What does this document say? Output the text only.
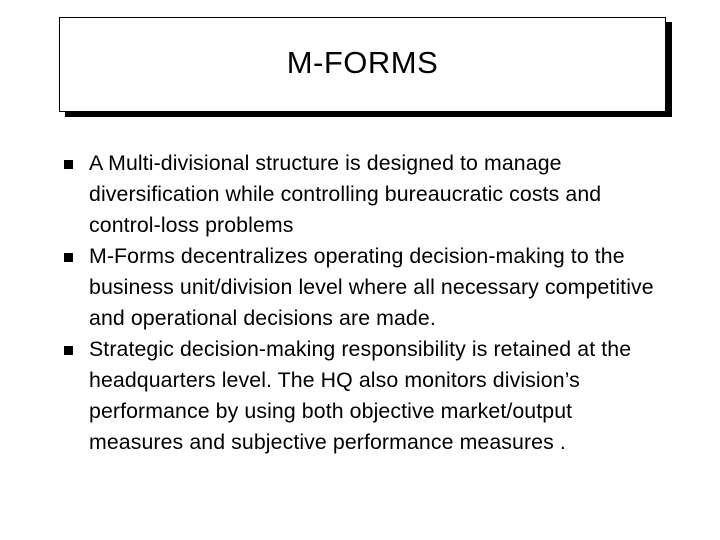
M-FORMS
A Multi-divisional structure is designed to manage diversification while controlling bureaucratic costs and control-loss problems
M-Forms decentralizes operating decision-making to the business unit/division level where all necessary competitive and operational decisions are made.
Strategic decision-making responsibility is retained at the headquarters level. The HQ also monitors division’s performance by using both objective market/output measures and subjective performance measures .
